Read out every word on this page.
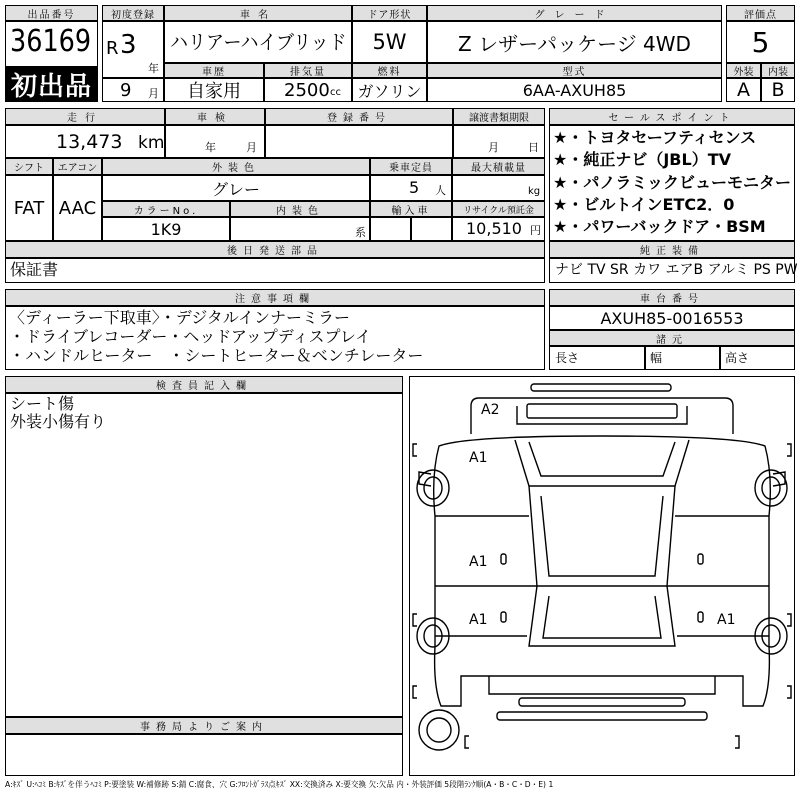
出品番号
36169
初出品
初度登録
R 3
年
9 月
車名
ハリアーハイブリッド
ドア形状
5W
グレード
Z レザーパッケージ 4WD
評価点
5
外装	内装
A B
車歴
自家用
排気量
2500 cc
燃料
ガソリン
型式
6AA-AXUH85
走行
13,473 km
車検
年	月
登録番号	譲渡書類期限
月	日
シフト
FAT
エアコン
AAC
外装色
グレー
乗車定員
5 人
最大積載量
kg
カラーNo.
1K9
内装色
系
輸入車	リサイクル預託金
10,510 円
後日発送部品
保証書
セールスポイント
★・トヨタセーフティセンス
★・純正ナビ（JBL）TV
★・パノラミックビューモニター
★・ビルトインETC2．0
★・パワーバックドア・BSM
純正装備
ナビ TV SR カワ エアB アルミ PS PW
注意事項欄
〈ディーラー下取車〉・デジタルインナーミラー
・ドライブレコーダー・ヘッドアップディスプレイ
・ハンドルヒーター　・シートヒーター＆ベンチレーター
車台番号
AXUH85-0016553
諸元
長さ	幅	高さ
検査員記入欄
シート傷
外装小傷有り
事務局よりご案内
A2
A1
A1
A1	A1
A:ｷｽﾞ U:ﾍｺﾐ B:ｷｽﾞを伴うﾍｺﾐ P:要塗装 W:補修跡 S:錆 C:腐食、穴 G:ﾌﾛﾝﾄｶﾞﾗｽ点ｷｽﾞ XX:交換済み X:要交換 欠:欠品 内・外装評価 5段階ﾗﾝｸ順(A・B・C・D・E) 1
